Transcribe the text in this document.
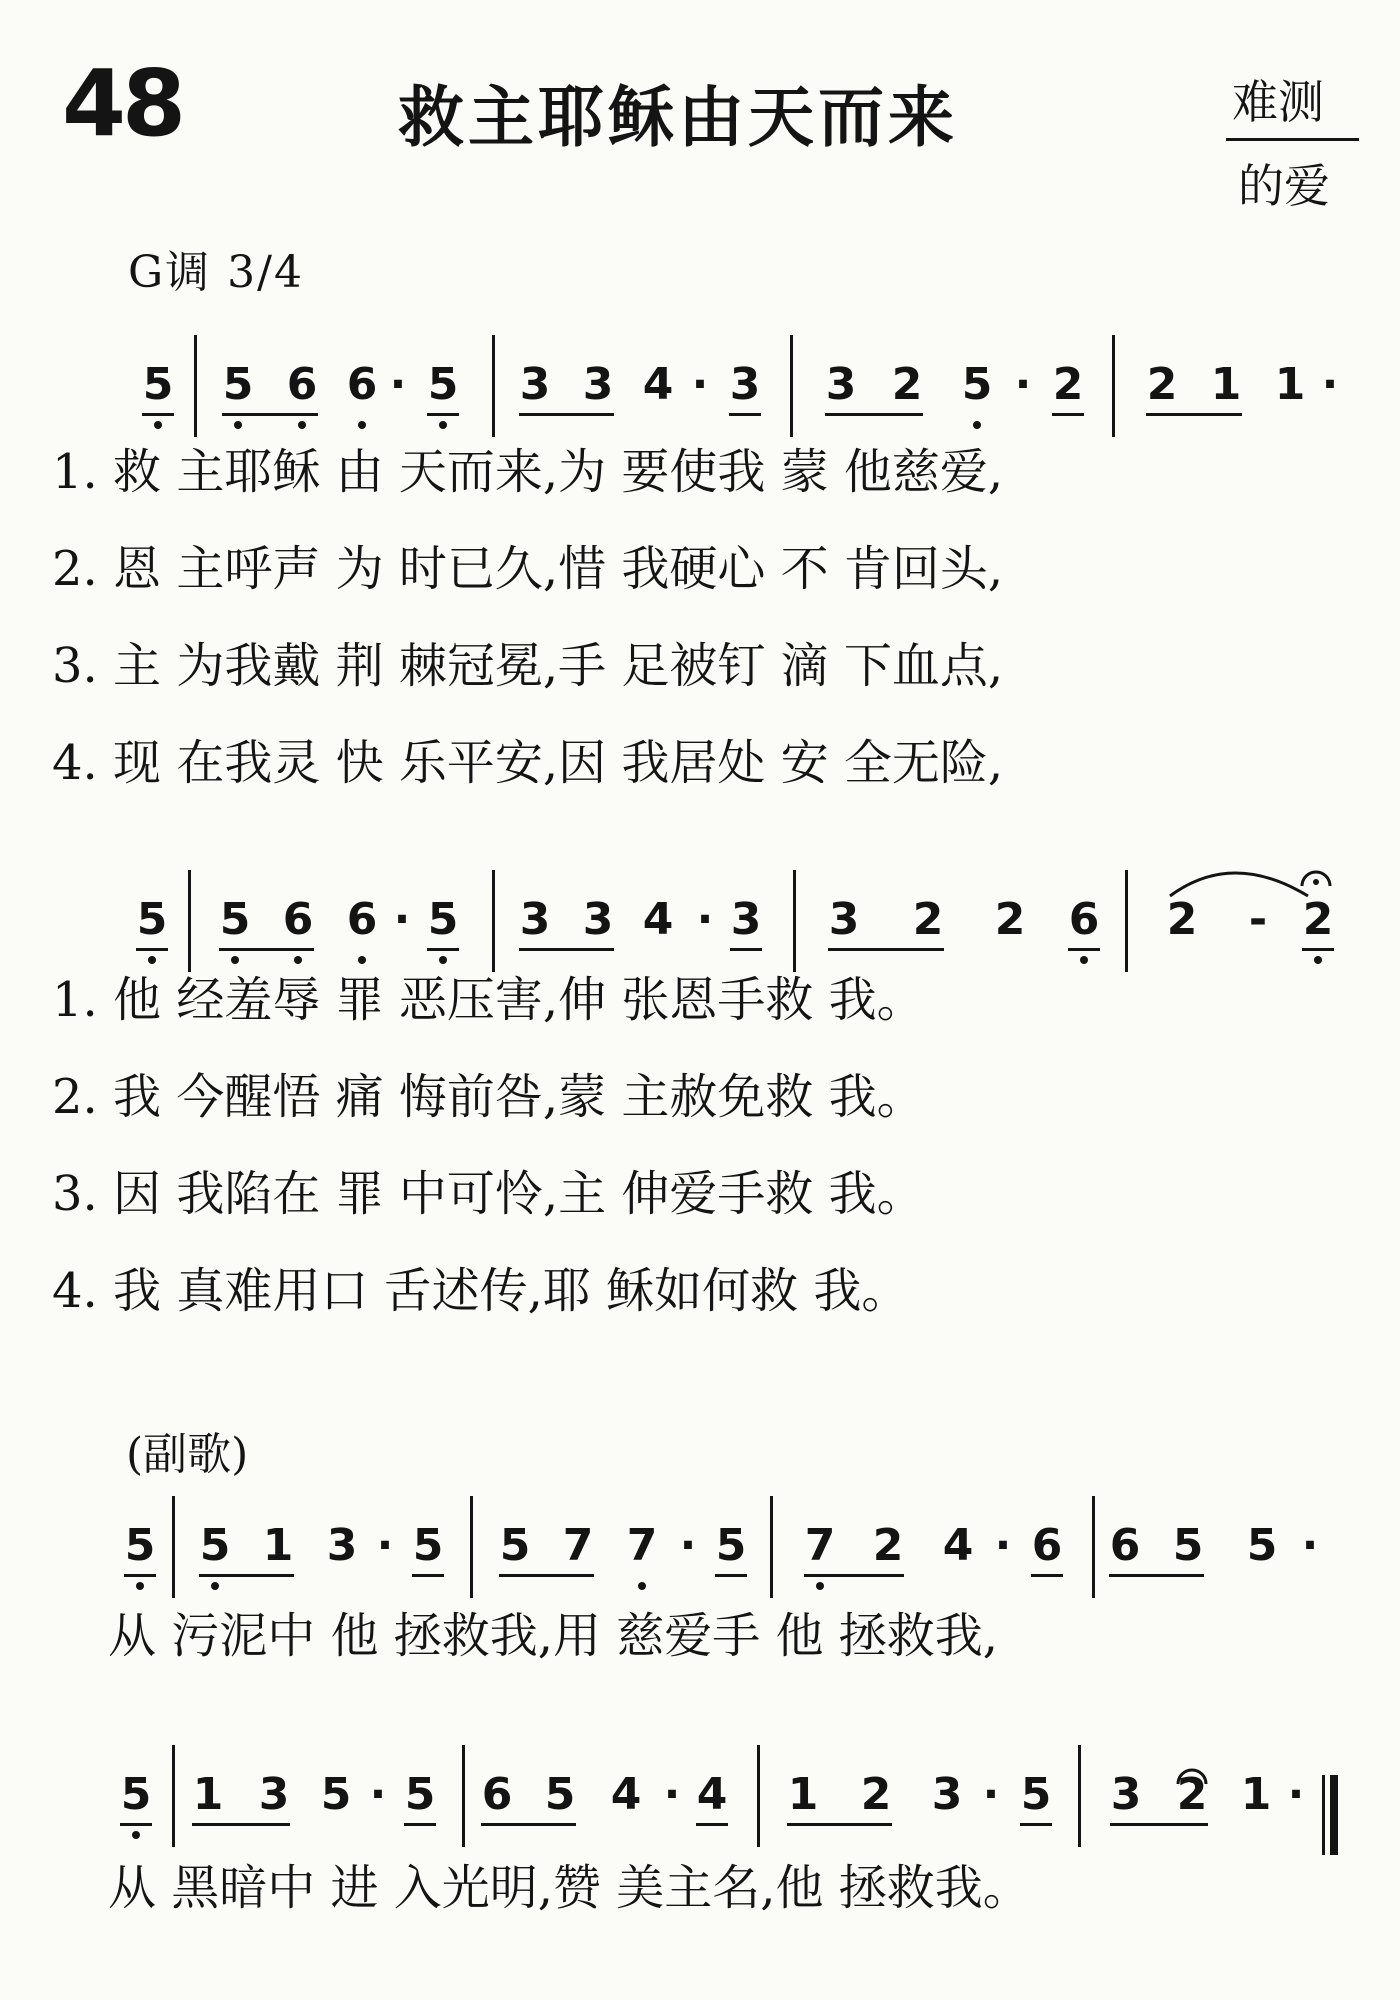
48	救主耶稣由天而来	难测
的爱
G调 3/4
(副歌)
5 5 6 6 · 5 3 3 4 · 3 3 2 5 · 2 2 1 1 ·
1. 救 主耶稣 由 天而来,为 要使我 蒙 他慈爱,
2. 恩 主呼声 为 时已久,惜 我硬心 不 肯回头,
3. 主 为我戴 荆 棘冠冕,手 足被钉 滴 下血点,
4. 现 在我灵 快 乐平安,因 我居处 安 全无险,
5 5 6 6 · 5 3 3 4 · 3 3 2 2 6 2 - 2
1. 他 经羞辱 罪 恶压害,伸 张恩手救 我。
2. 我 今醒悟 痛 悔前咎,蒙 主赦免救 我。
3. 因 我陷在 罪 中可怜,主 伸爱手救 我。
4. 我 真难用口 舌述传,耶 稣如何救 我。
5 5 1 3 · 5 5 7 7 · 5 7 2 4 · 6 6 5 5 ·
从 污泥中 他 拯救我,用 慈爱手 他 拯救我,
5 1 3 5 · 5 6 5 4 · 4 1 2 3 · 5 3 2 1 ·
从 黑暗中 进 入光明,赞 美主名,他 拯救我。
